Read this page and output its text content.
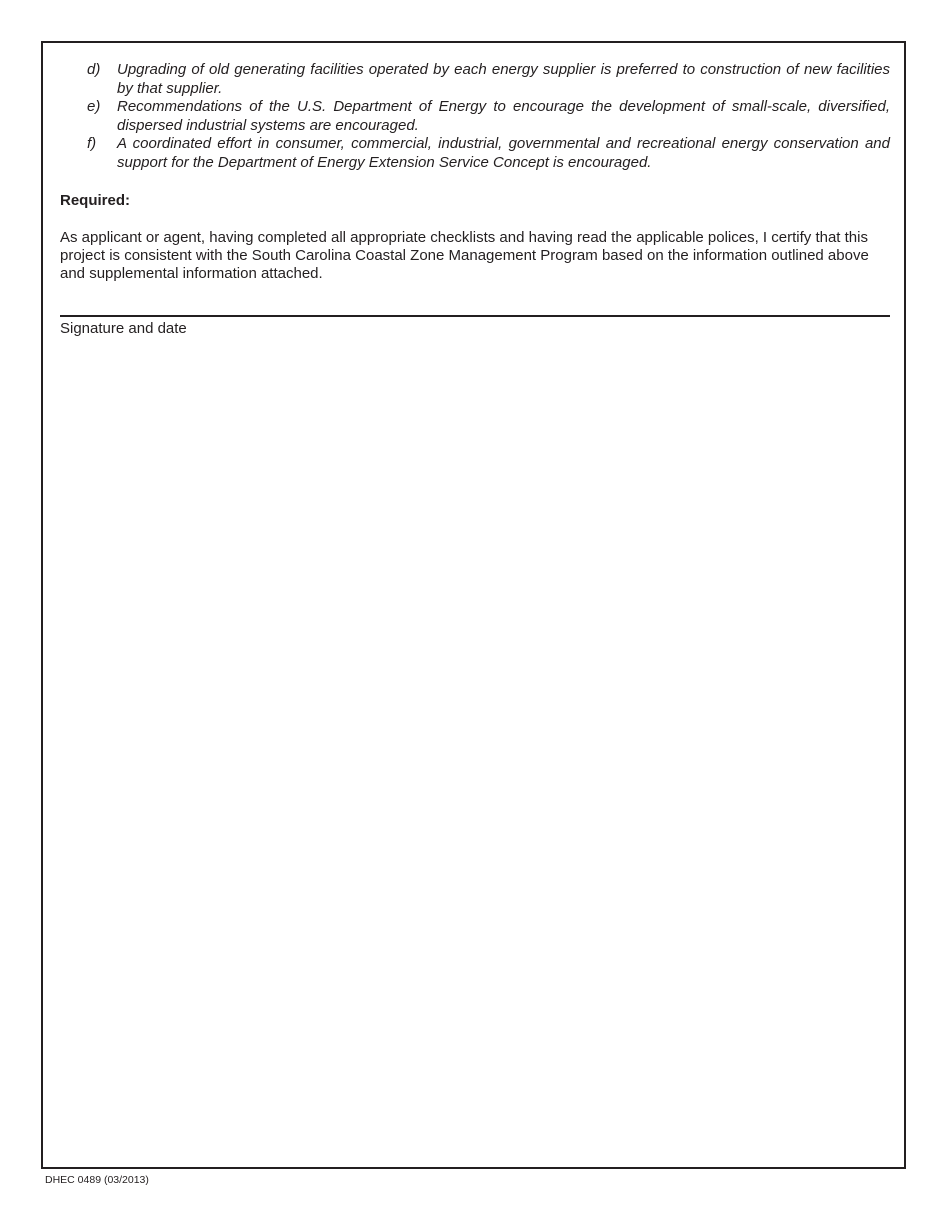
d)	Upgrading of old generating facilities operated by each energy supplier is preferred to construction of new facilities by that supplier.
e)	Recommendations of the U.S. Department of Energy to encourage the development of small-scale, diversified, dispersed industrial systems are encouraged.
f)	A coordinated effort in consumer, commercial, industrial, governmental and recreational energy conservation and support for the Department of Energy Extension Service Concept is encouraged.
Required:

As applicant or agent, having completed all appropriate checklists and having read the applicable polices, I certify that this project is consistent with the South Carolina Coastal Zone Management Program based on the information outlined above and supplemental information attached.

Signature and date
DHEC 0489 (03/2013)
